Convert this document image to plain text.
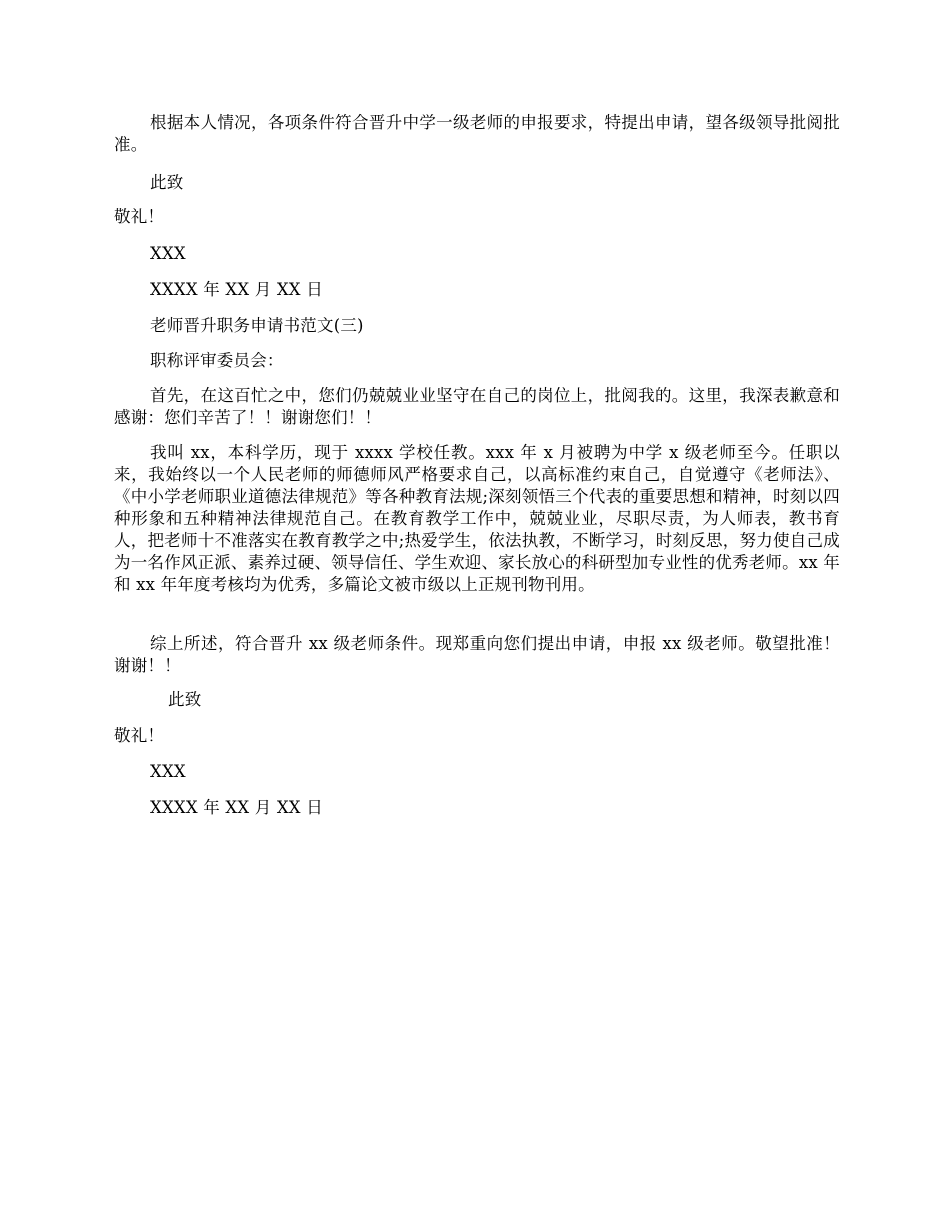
根据本人情况，各项条件符合晋升中学一级老师的申报要求，特提出申请，望各级领导批阅批准。

此致

敬礼！

XXX

XXXX 年 XX 月 XX 日

老师晋升职务申请书范文(三)

职称评审委员会：

首先，在这百忙之中，您们仍兢兢业业坚守在自己的岗位上，批阅我的。这里，我深表歉意和感谢：您们辛苦了！！谢谢您们！！

我叫 xx，本科学历，现于 xxxx 学校任教。xxx 年 x 月被聘为中学 x 级老师至今。任职以来，我始终以一个人民老师的师德师风严格要求自己，以高标准约束自己，自觉遵守《老师法》、《中小学老师职业道德法律规范》等各种教育法规;深刻领悟三个代表的重要思想和精神，时刻以四种形象和五种精神法律规范自己。在教育教学工作中，兢兢业业，尽职尽责，为人师表，教书育人，把老师十不准落实在教育教学之中;热爱学生，依法执教，不断学习，时刻反思，努力使自己成为一名作风正派、素养过硬、领导信任、学生欢迎、家长放心的科研型加专业性的优秀老师。xx 年和 xx 年年度考核均为优秀，多篇论文被市级以上正规刊物刊用。

综上所述，符合晋升 xx 级老师条件。现郑重向您们提出申请，申报 xx 级老师。敬望批准！谢谢！！

此致

敬礼！

XXX

XXXX 年 XX 月 XX 日
